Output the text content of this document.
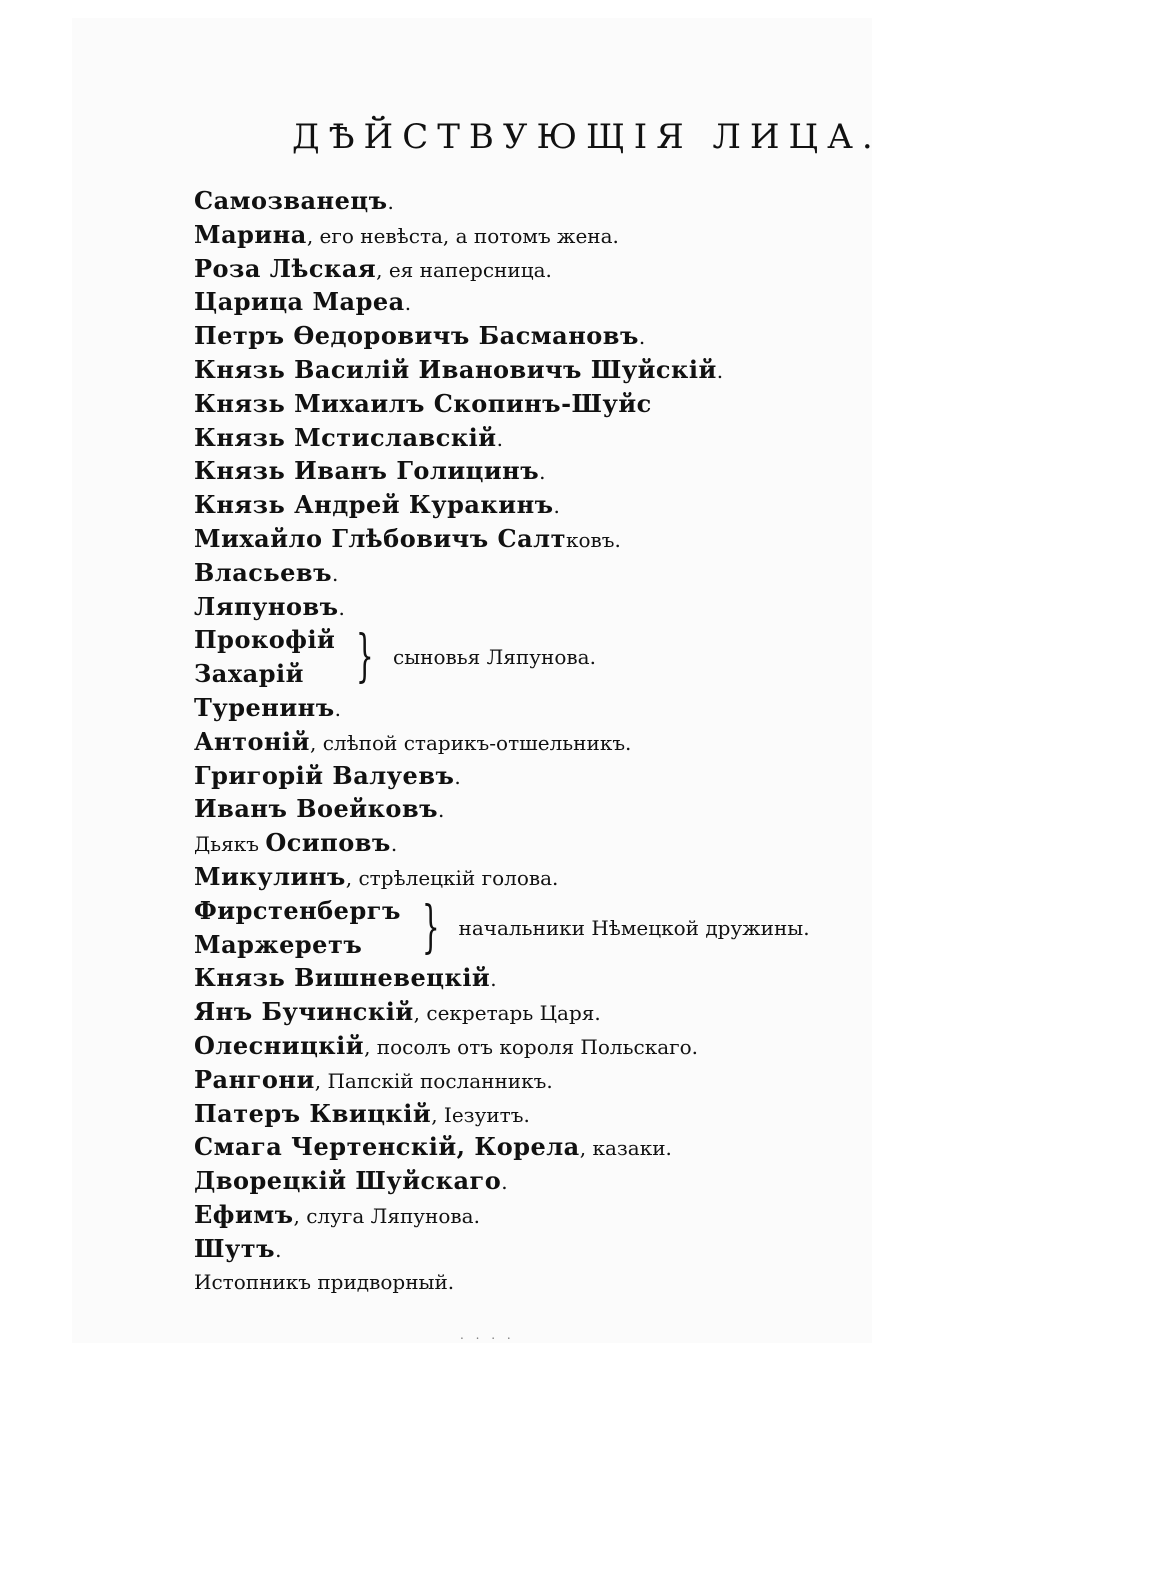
ДѢЙСТВУЮЩІЯ ЛИЦА.
Самозванецъ.
Марина, его невѣста, а потомъ жена.
Роза Лѣская, ея наперсница.
Царица Мареа.
Петръ Ѳедоровичъ Басмановъ.
Князь Василій Ивановичъ Шуйскій.
Князь Михаилъ Скопинъ-Шуйс
Князь Мстиславскій.
Князь Иванъ Голицинъ.
Князь Андрей Куракинъ.
Михайло Глѣбовичъ Салтковъ.
Власьевъ.
Ляпуновъ.
Прокофій
Захарій } сыновья Ляпунова.
Туренинъ.
Антоній, слѣпой старикъ-отшельникъ.
Григорій Валуевъ.
Иванъ Воейковъ.
Дьякъ Осиповъ.
Микулинъ, стрѣлецкій голова.
Фирстенбергъ
Маржеретъ	} начальники Нѣмецкой дружины.
Князь Вишневецкій.
Янъ Бучинскій, секретарь Царя.
Олесницкій, посолъ отъ короля Польскаго.
Рангони, Папскій посланникъ.
Патеръ Квицкій, Іезуитъ.
Смага Чертенскій, Корела, казаки.
Дворецкій Шуйскаго.
Ефимъ, слуга Ляпунова.
Шутъ.
Истопникъ придворный.
. . . .
